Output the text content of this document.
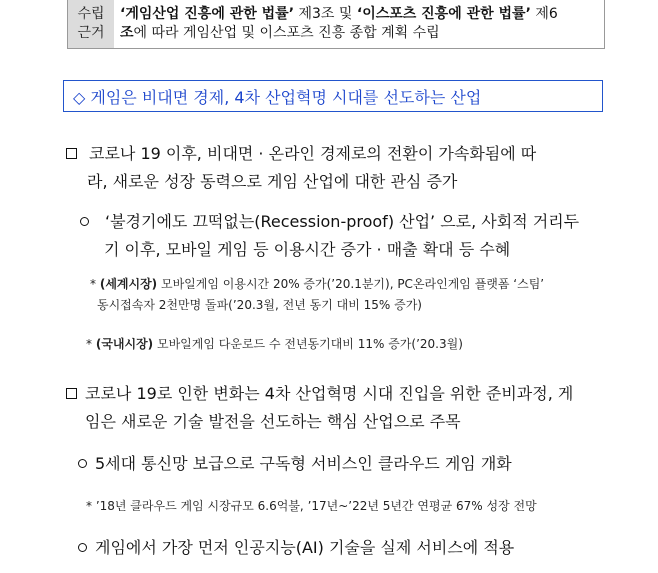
수립
근거
‘게임산업 진흥에 관한 법률’ 제3조 및 ‘이스포츠 진흥에 관한 법률’ 제6
조에 따라 게임산업 및 이스포츠 진흥 종합 계획 수립
◇ 게임은 비대면 경제, 4차 산업혁명 시대를 선도하는 산업
코로나 19 이후, 비대면 · 온라인 경제로의 전환이 가속화됨에 따
라, 새로운 성장 동력으로 게임 산업에 대한 관심 증가
‘불경기에도 끄떡없는(Recession-proof) 산업’ 으로, 사회적 거리두
기 이후, 모바일 게임 등 이용시간 증가 · 매출 확대 등 수혜
* (세계시장) 모바일게임 이용시간 20% 증가(’20.1분기), PC온라인게임 플랫폼 ‘스팀’
동시접속자 2천만명 돌파(’20.3월, 전년 동기 대비 15% 증가)
* (국내시장) 모바일게임 다운로드 수 전년동기대비 11% 증가(’20.3월)
코로나 19로 인한 변화는 4차 산업혁명 시대 진입을 위한 준비과정, 게
임은 새로운 기술 발전을 선도하는 핵심 산업으로 주목
5세대 통신망 보급으로 구독형 서비스인 클라우드 게임 개화
* ’18년 클라우드 게임 시장규모 6.6억불, ’17년~’22년 5년간 연평균 67% 성장 전망
게임에서 가장 먼저 인공지능(AI) 기술을 실제 서비스에 적용
